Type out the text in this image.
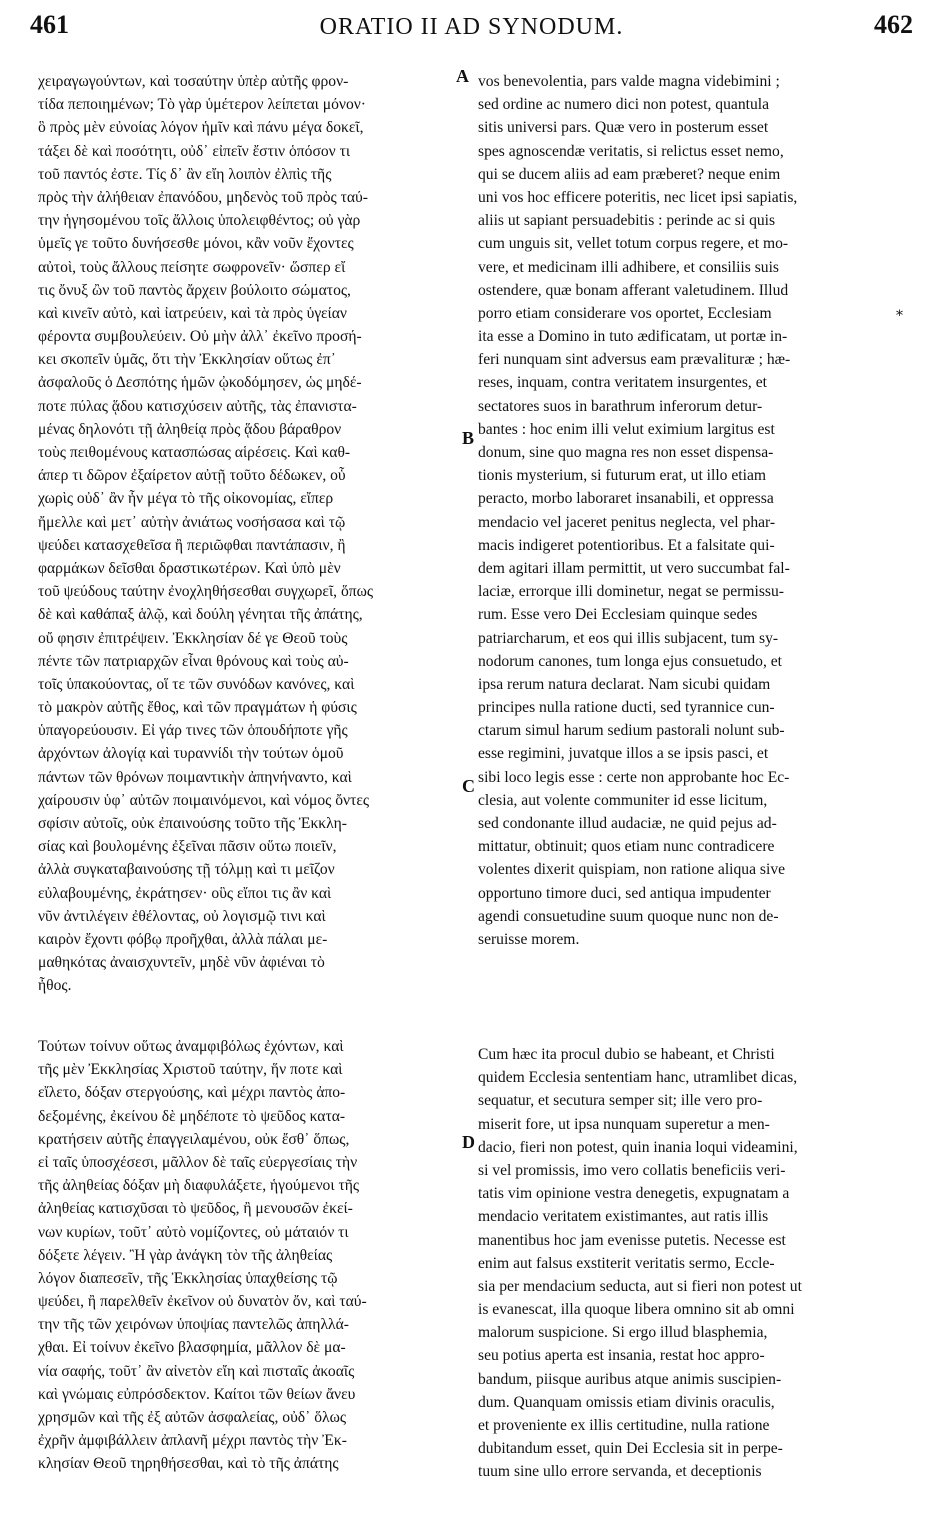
461	ORATIO II AD SYNODUM.	462
χειραγωγούντων, καὶ τοσαύτην ὑπὲρ αὐτῆς φρον-
τίδα πεποιημένων; Τὸ γὰρ ὑμέτερον λείπεται μόνον·
ὃ πρὸς μὲν εὐνοίας λόγον ἡμῖν καὶ πάνυ μέγα δοκεῖ,
τάξει δὲ καὶ ποσότητι, οὐδ᾽ εἰπεῖν ἔστιν ὁπόσον τι
τοῦ παντός ἐστε. Τίς δ᾽ ἂν εἴη λοιπὸν ἐλπὶς τῆς
πρὸς τὴν ἀλήθειαν ἐπανόδου, μηδενὸς τοῦ πρὸς ταύ-
την ἡγησομένου τοῖς ἄλλοις ὑπολειφθέντος; οὐ γὰρ
ὑμεῖς γε τοῦτο δυνήσεσθε μόνοι, κἂν νοῦν ἔχοντες
αὐτοὶ, τοὺς ἄλλους πείσητε σωφρονεῖν· ὥσπερ εἴ
τις ὄνυξ ὢν τοῦ παντὸς ἄρχειν βούλοιτο σώματος,
καὶ κινεῖν αὐτὸ, καὶ ἰατρεύειν, καὶ τὰ πρὸς ὑγείαν
φέροντα συμβουλεύειν. Οὐ μὴν ἀλλ᾽ ἐκεῖνο προσή-
κει σκοπεῖν ὑμᾶς, ὅτι τὴν Ἐκκλησίαν οὕτως ἐπ᾽
ἀσφαλοῦς ὁ Δεσπότης ἡμῶν ᾠκοδόμησεν, ὡς μηδέ-
ποτε πύλας ᾅδου κατισχύσειν αὐτῆς, τὰς ἐπανιστα-
μένας δηλονότι τῇ ἀληθείᾳ πρὸς ᾅδου βάραθρον
τοὺς πειθομένους κατασπώσας αἱρέσεις. Καὶ καθ-
άπερ τι δῶρον ἐξαίρετον αὐτῇ τοῦτο δέδωκεν, οὗ
χωρὶς οὐδ᾽ ἂν ἦν μέγα τὸ τῆς οἰκονομίας, εἴπερ
ἤμελλε καὶ μετ᾽ αὐτὴν ἀνιάτως νοσήσασα καὶ τῷ
ψεύδει κατασχεθεῖσα ἢ περιῶφθαι παντάπασιν, ἢ
φαρμάκων δεῖσθαι δραστικωτέρων. Καὶ ὑπὸ μὲν
τοῦ ψεύδους ταύτην ἐνοχληθήσεσθαι συγχωρεῖ, ὅπως
δὲ καὶ καθάπαξ ἁλῷ, καὶ δούλη γένηται τῆς ἀπάτης,
οὔ φησιν ἐπιτρέψειν. Ἐκκλησίαν δέ γε Θεοῦ τοὺς
πέντε τῶν πατριαρχῶν εἶναι θρόνους καὶ τοὺς αὐ-
τοῖς ὑπακούοντας, οἵ τε τῶν συνόδων κανόνες, καὶ
τὸ μακρὸν αὐτῆς ἔθος, καὶ τῶν πραγμάτων ἡ φύσις
ὑπαγορεύουσιν. Εἰ γάρ τινες τῶν ὁπουδήποτε γῆς
ἀρχόντων ἀλογίᾳ καὶ τυραννίδι τὴν τούτων ὁμοῦ
πάντων τῶν θρόνων ποιμαντικὴν ἀπηνήναντο, καὶ
χαίρουσιν ὑφ᾽ αὐτῶν ποιμαινόμενοι, καὶ νόμος ὄντες
σφίσιν αὐτοῖς, οὐκ ἐπαινούσης τοῦτο τῆς Ἐκκλη-
σίας καὶ βουλομένης ἐξεῖναι πᾶσιν οὕτω ποιεῖν,
ἀλλὰ συγκαταβαινούσης τῇ τόλμῃ καὶ τι μεῖζον
εὐλαβουμένης, ἐκράτησεν· οὓς εἴποι τις ἂν καὶ
νῦν ἀντιλέγειν ἐθέλοντας, οὐ λογισμῷ τινι καὶ
καιρὸν ἔχοντι φόβῳ προῆχθαι, ἀλλὰ πάλαι με-
μαθηκότας ἀναισχυντεῖν, μηδὲ νῦν ἀφιέναι τὸ
ἦθος.
vos benevolentia, pars valde magna videbimini ;
sed ordine ac numero dici non potest, quantula
sitis universi pars. Quæ vero in posterum esset
spes agnoscendæ veritatis, si relictus esset nemo,
qui se ducem aliis ad eam præberet? neque enim
uni vos hoc efficere poteritis, nec licet ipsi sapiatis,
aliis ut sapiant persuadebitis : perinde ac si quis
cum unguis sit, vellet totum corpus regere, et mo-
vere, et medicinam illi adhibere, et consiliis suis
ostendere, quæ bonam afferant valetudinem. Illud
porro etiam considerare vos oportet, Ecclesiam
ita esse a Domino in tuto ædificatam, ut portæ in-
feri nunquam sint adversus eam prævalituræ ; hæ-
reses, inquam, contra veritatem insurgentes, et
sectatores suos in barathrum inferorum detur-
bantes : hoc enim illi velut eximium largitus est
donum, sine quo magna res non esset dispensa-
tionis mysterium, si futurum erat, ut illo etiam
peracto, morbo laboraret insanabili, et oppressa
mendacio vel jaceret penitus neglecta, vel phar-
macis indigeret potentioribus. Et a falsitate qui-
dem agitari illam permittit, ut vero succumbat fal-
laciæ, errorque illi dominetur, negat se permissu-
rum. Esse vero Dei Ecclesiam quinque sedes
patriarcharum, et eos qui illis subjacent, tum sy-
nodorum canones, tum longa ejus consuetudo, et
ipsa rerum natura declarat. Nam sicubi quidam
principes nulla ratione ducti, sed tyrannice cun-
ctarum simul harum sedium pastorali nolunt sub-
esse regimini, juvatque illos a se ipsis pasci, et
sibi loco legis esse : certe non approbante hoc Ec-
clesia, aut volente communiter id esse licitum,
sed condonante illud audaciæ, ne quid pejus ad-
mittatur, obtinuit; quos etiam nunc contradicere
volentes dixerit quispiam, non ratione aliqua sive
opportuno timore duci, sed antiqua impudenter
agendi consuetudine suum quoque nunc non de-
seruisse morem.
Τούτων τοίνυν οὕτως ἀναμφιβόλως ἐχόντων, καὶ
τῆς μὲν Ἐκκλησίας Χριστοῦ ταύτην, ἥν ποτε καὶ
εἴλετο, δόξαν στεργούσης, καὶ μέχρι παντὸς ἀπο-
δεξομένης, ἐκείνου δὲ μηδέποτε τὸ ψεῦδος κατα-
κρατήσειν αὐτῆς ἐπαγγειλαμένου, οὐκ ἔσθ᾽ ὅπως,
εἰ ταῖς ὑποσχέσεσι, μᾶλλον δὲ ταῖς εὐεργεσίαις τὴν
τῆς ἀληθείας δόξαν μὴ διαφυλάξετε, ἡγούμενοι τῆς
ἀληθείας κατισχῦσαι τὸ ψεῦδος, ἢ μενουσῶν ἐκεί-
νων κυρίων, τοῦτ᾽ αὐτὸ νομίζοντες, οὐ μάταιόν τι
δόξετε λέγειν. Ἢ γὰρ ἀνάγκη τὸν τῆς ἀληθείας
λόγον διαπεσεῖν, τῆς Ἐκκλησίας ὑπαχθείσης τῷ
ψεύδει, ἢ παρελθεῖν ἐκεῖνον οὐ δυνατὸν ὄν, καὶ ταύ-
την τῆς τῶν χειρόνων ὑποψίας παντελῶς ἀπηλλά-
χθαι. Εἰ τοίνυν ἐκεῖνο βλασφημία, μᾶλλον δὲ μα-
νία σαφής, τοῦτ᾽ ἂν αἰνετὸν εἴη καὶ πισταῖς ἀκοαῖς
καὶ γνώμαις εὐπρόσδεκτον. Καίτοι τῶν θείων ἄνευ
χρησμῶν καὶ τῆς ἐξ αὐτῶν ἀσφαλείας, οὐδ᾽ ὅλως
ἐχρῆν ἀμφιβάλλειν ἀπλανῆ μέχρι παντὸς τὴν Ἐκ-
κλησίαν Θεοῦ τηρηθήσεσθαι, καὶ τὸ τῆς ἀπάτης
Cum hæc ita procul dubio se habeant, et Christi
quidem Ecclesia sententiam hanc, utramlibet dicas,
sequatur, et secutura semper sit; ille vero pro-
miserit fore, ut ipsa nunquam superetur a men-
dacio, fieri non potest, quin inania loqui videamini,
si vel promissis, imo vero collatis beneficiis veri-
tatis vim opinione vestra denegetis, expugnatam a
mendacio veritatem existimantes, aut ratis illis
manentibus hoc jam evenisse putetis. Necesse est
enim aut falsus exstiterit veritatis sermo, Eccle-
sia per mendacium seducta, aut si fieri non potest ut
is evanescat, illa quoque libera omnino sit ab omni
malorum suspicione. Si ergo illud blasphemia,
seu potius aperta est insania, restat hoc appro-
bandum, piisque auribus atque animis suscipien-
dum. Quanquam omissis etiam divinis oraculis,
et provenientе ex illis certitudine, nulla ratione
dubitandum esset, quin Dei Ecclesia sit in perpe-
tuum sine ullo errore servanda, et deceptionis
A
B
C
D
*
